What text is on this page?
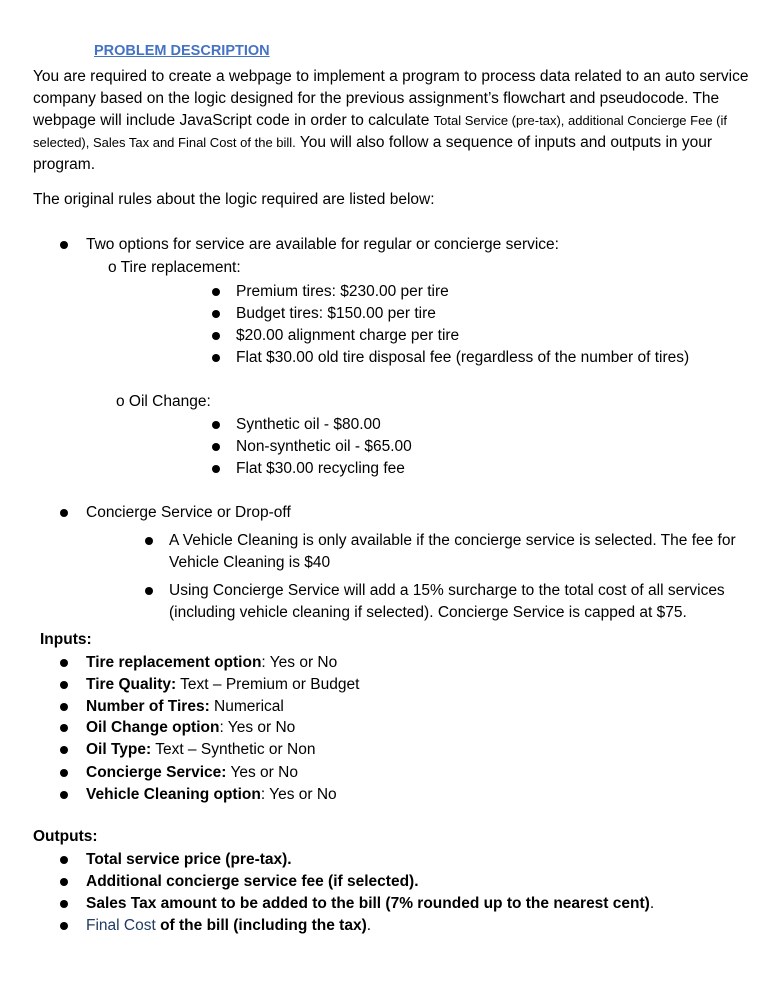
PROBLEM DESCRIPTION
You are required to create a webpage to implement a program to process data related to an auto service company based on the logic designed for the previous assignment’s flowchart and pseudocode. The webpage will include JavaScript code in order to calculate Total Service (pre-tax), additional Concierge Fee (if selected), Sales Tax and Final Cost of the bill. You will also follow a sequence of inputs and outputs in your program.
The original rules about the logic required are listed below:
Two options for service are available for regular or concierge service:
o Tire replacement:
Premium tires: $230.00 per tire
Budget tires: $150.00 per tire
$20.00 alignment charge per tire
Flat $30.00 old tire disposal fee (regardless of the number of tires)
o Oil Change:
Synthetic oil - $80.00
Non-synthetic oil - $65.00
Flat $30.00 recycling fee
Concierge Service or Drop-off
A Vehicle Cleaning is only available if the concierge service is selected. The fee for Vehicle Cleaning is $40
Using Concierge Service will add a 15% surcharge to the total cost of all services (including vehicle cleaning if selected). Concierge Service is capped at $75.
Inputs:
Tire replacement option: Yes or No
Tire Quality: Text – Premium or Budget
Number of Tires: Numerical
Oil Change option: Yes or No
Oil Type: Text – Synthetic or Non
Concierge Service: Yes or No
Vehicle Cleaning option: Yes or No
Outputs:
Total service price (pre-tax).
Additional concierge service fee (if selected).
Sales Tax amount to be added to the bill (7% rounded up to the nearest cent).
Final Cost of the bill (including the tax).
